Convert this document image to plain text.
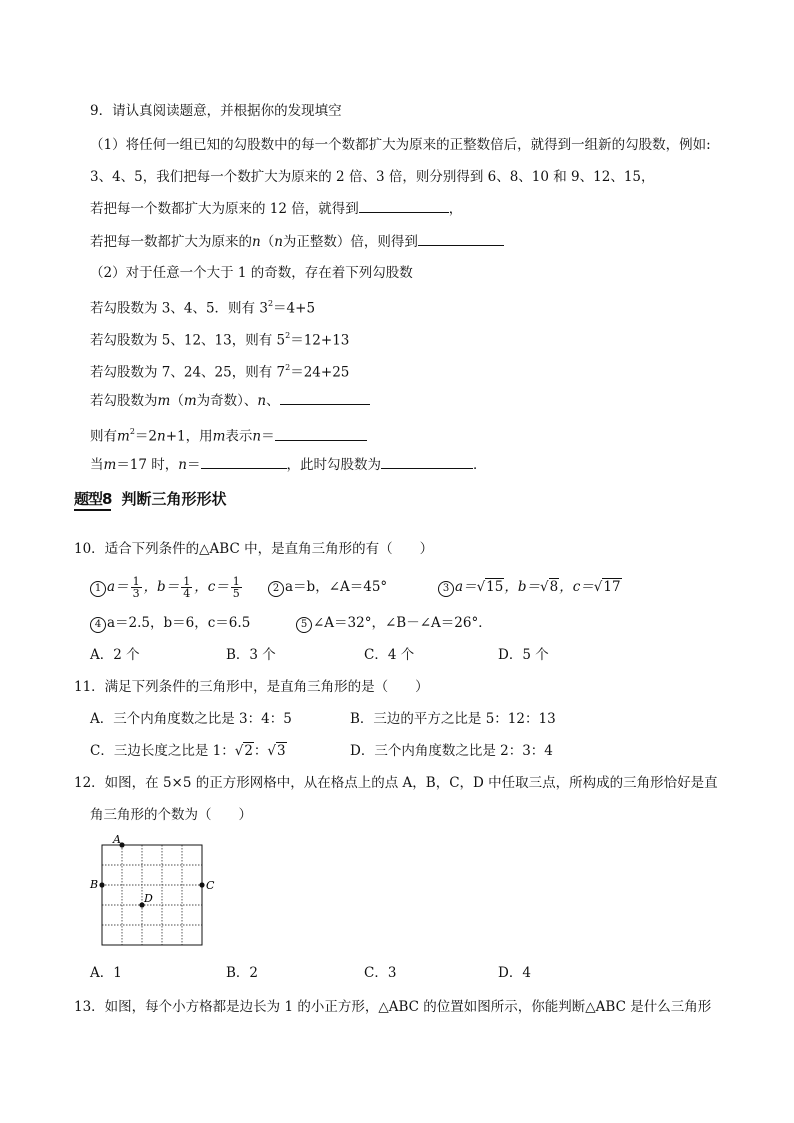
9．请认真阅读题意，并根据你的发现填空
（1）将任何一组已知的勾股数中的每一个数都扩大为原来的正整数倍后，就得到一组新的勾股数，例如:
3、4、5，我们把每一个数扩大为原来的 2 倍、3 倍，则分别得到 6、8、10 和 9、12、15，
若把每一个数都扩大为原来的 12 倍，就得到	，
若把每一数都扩大为原来的n（n为正整数）倍，则得到
（2）对于任意一个大于 1 的奇数，存在着下列勾股数
若勾股数为 3、4、5．则有 $3^2=4+5$
若勾股数为 5、12、13，则有 $5^2=12+13$
若勾股数为 7、24、25，则有 $7^2=24+25$
若勾股数为m（m为奇数）、n、
则有$m^2=2n+1$，用m表示n＝
当m＝17 时，n＝	，此时勾股数为	．
题型8 判断三角形形状
10．适合下列条件的△ABC 中，是直角三角形的有（　　）
1 $a= \frac{1}{3}$ ，$b= \frac{1}{4}$ ，$c= \frac{1}{5}$	2 a＝b，∠A＝45°	3 a＝√15，b＝√8，c＝√17
4 a＝2.5，b＝6，c＝6.5	5 ∠A＝32°，∠B－∠A＝26°．
A．2 个	B．3 个	C．4 个	D．5 个
11．满足下列条件的三角形中，是直角三角形的是（　　）
A．三个内角度数之比是 3：4：5	B．三边的平方之比是 5：12：13
C．三边长度之比是 1：√2：√3	D．三个内角度数之比是 2：3：4
12．如图，在 5×5 的正方形网格中，从在格点上的点 A，B，C，D 中任取三点，所构成的三角形恰好是直
角三角形的个数为（　　）
A
B	C
D
A．1	B．2	C．3	D．4
13．如图，每个小方格都是边长为 1 的小正方形，△ABC 的位置如图所示，你能判断△ABC 是什么三角形
